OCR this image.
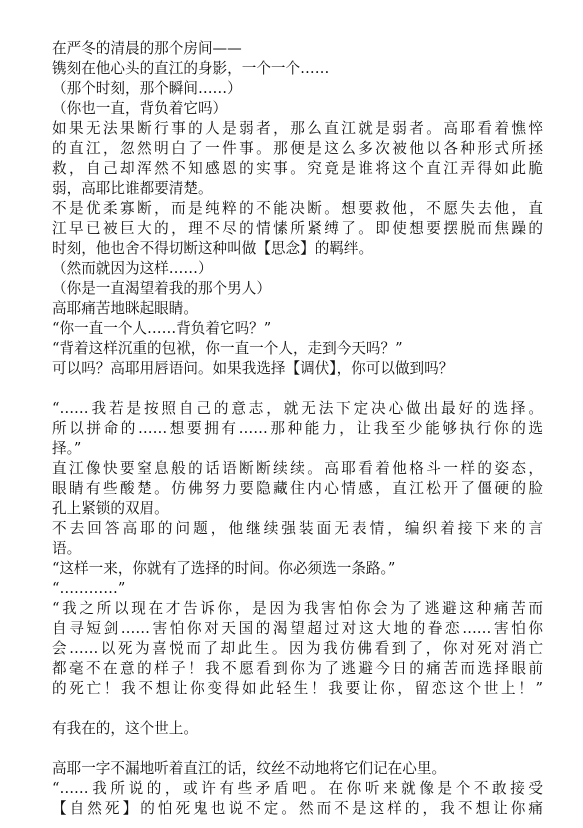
在严冬的清晨的那个房间——
镌刻在他心头的直江的身影，一个一个……
（那个时刻，那个瞬间……）
（你也一直，背负着它吗）
如果无法果断行事的人是弱者，那么直江就是弱者。高耶看着憔悴
的直江，忽然明白了一件事。那便是这么多次被他以各种形式所拯
救，自己却浑然不知感恩的实事。究竟是谁将这个直江弄得如此脆
弱，高耶比谁都要清楚。
不是优柔寡断，而是纯粹的不能决断。想要救他，不愿失去他，直
江早已被巨大的，理不尽的情愫所紧缚了。即使想要摆脱而焦躁的
时刻，他也舍不得切断这种叫做【思念】的羁绊。
（然而就因为这样……）
（你是一直渴望着我的那个男人）
高耶痛苦地眯起眼睛。
“你一直一个人……背负着它吗？”
“背着这样沉重的包袱，你一直一个人，走到今天吗？”
可以吗？高耶用唇语问。如果我选择【调伏】，你可以做到吗？
“……我若是按照自己的意志，就无法下定决心做出最好的选择。
所以拼命的……想要拥有……那种能力，让我至少能够执行你的选
择。”
直江像快要窒息般的话语断断续续。高耶看着他格斗一样的姿态，
眼睛有些酸楚。仿佛努力要隐藏住内心情感，直江松开了僵硬的脸
孔上紧锁的双眉。
不去回答高耶的问题，他继续强装面无表情，编织着接下来的言
语。
“这样一来，你就有了选择的时间。你必须选一条路。”
“…………”
“我之所以现在才告诉你，是因为我害怕你会为了逃避这种痛苦而
自寻短剑……害怕你对天国的渴望超过对这大地的眷恋……害怕你
会……以死为喜悦而了却此生。因为我仿佛看到了，你对死对消亡
都毫不在意的样子！我不愿看到你为了逃避今日的痛苦而选择眼前
的死亡！我不想让你变得如此轻生！我要让你，留恋这个世上！”
有我在的，这个世上。
高耶一字不漏地听着直江的话，纹丝不动地将它们记在心里。
“……我所说的，或许有些矛盾吧。在你听来就像是个不敢接受
【自然死】的怕死鬼也说不定。然而不是这样的，我不想让你痛
